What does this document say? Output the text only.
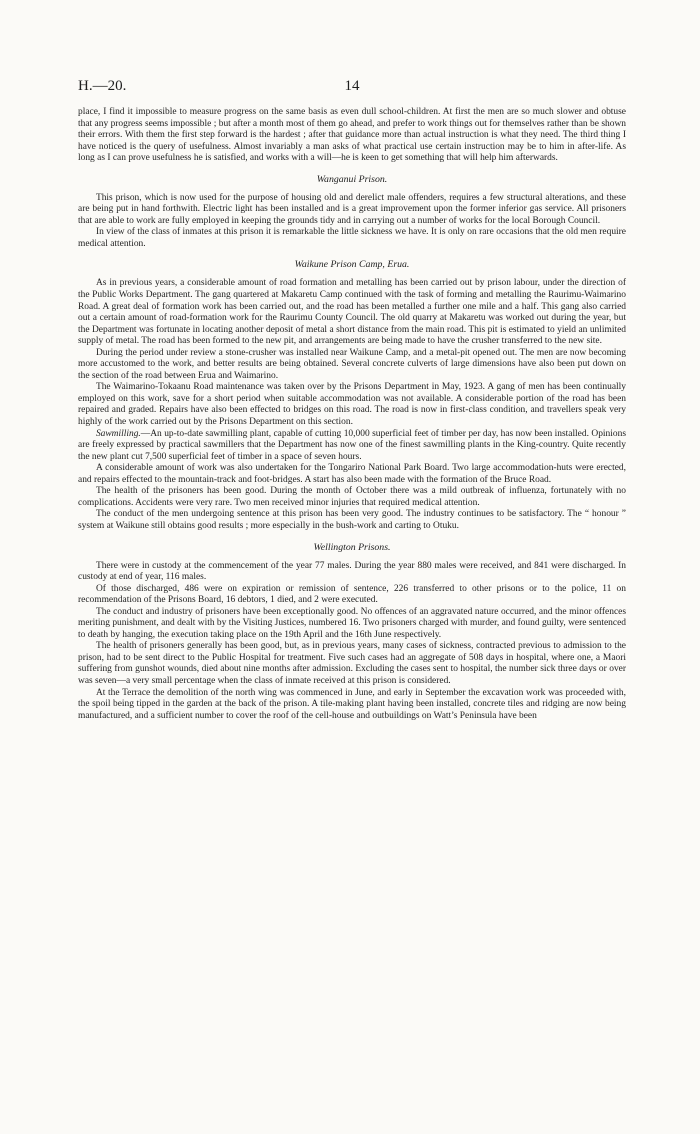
H.—20.	14

place, I find it impossible to measure progress on the same basis as even dull school-children. At first the men are so much slower and obtuse that any progress seems impossible ; but after a month most of them go ahead, and prefer to work things out for themselves rather than be shown their errors. With them the first step forward is the hardest ; after that guidance more than actual instruction is what they need. The third thing I have noticed is the query of usefulness. Almost invariably a man asks of what practical use certain instruction may be to him in after-life. As long as I can prove usefulness he is satisfied, and works with a will—he is keen to get something that will help him afterwards.

Wanganui Prison.

This prison, which is now used for the purpose of housing old and derelict male offenders, requires a few structural alterations, and these are being put in hand forthwith. Electric light has been installed and is a great improvement upon the former inferior gas service. All prisoners that are able to work are fully employed in keeping the grounds tidy and in carrying out a number of works for the local Borough Council.

In view of the class of inmates at this prison it is remarkable the little sickness we have. It is only on rare occasions that the old men require medical attention.

Waikune Prison Camp, Erua.

As in previous years, a considerable amount of road formation and metalling has been carried out by prison labour, under the direction of the Public Works Department. The gang quartered at Makaretu Camp continued with the task of forming and metalling the Raurimu-Waimarino Road. A great deal of formation work has been carried out, and the road has been metalled a further one mile and a half. This gang also carried out a certain amount of road-formation work for the Raurimu County Council. The old quarry at Makaretu was worked out during the year, but the Department was fortunate in locating another deposit of metal a short distance from the main road. This pit is estimated to yield an unlimited supply of metal. The road has been formed to the new pit, and arrangements are being made to have the crusher transferred to the new site.

During the period under review a stone-crusher was installed near Waikune Camp, and a metal-pit opened out. The men are now becoming more accustomed to the work, and better results are being obtained. Several concrete culverts of large dimensions have also been put down on the section of the road between Erua and Waimarino.

The Waimarino-Tokaanu Road maintenance was taken over by the Prisons Department in May, 1923. A gang of men has been continually employed on this work, save for a short period when suitable accommodation was not available. A considerable portion of the road has been repaired and graded. Repairs have also been effected to bridges on this road. The road is now in first-class condition, and travellers speak very highly of the work carried out by the Prisons Department on this section.

Sawmilling.—An up-to-date sawmilling plant, capable of cutting 10,000 superficial feet of timber per day, has now been installed. Opinions are freely expressed by practical sawmillers that the Department has now one of the finest sawmilling plants in the King-country. Quite recently the new plant cut 7,500 superficial feet of timber in a space of seven hours.

A considerable amount of work was also undertaken for the Tongariro National Park Board. Two large accommodation-huts were erected, and repairs effected to the mountain-track and foot-bridges. A start has also been made with the formation of the Bruce Road.

The health of the prisoners has been good. During the month of October there was a mild outbreak of influenza, fortunately with no complications. Accidents were very rare. Two men received minor injuries that required medical attention.

The conduct of the men undergoing sentence at this prison has been very good. The industry continues to be satisfactory. The “ honour ” system at Waikune still obtains good results ; more especially in the bush-work and carting to Otuku.

Wellington Prisons.

There were in custody at the commencement of the year 77 males. During the year 880 males were received, and 841 were discharged. In custody at end of year, 116 males.

Of those discharged, 486 were on expiration or remission of sentence, 226 transferred to other prisons or to the police, 11 on recommendation of the Prisons Board, 16 debtors, 1 died, and 2 were executed.

The conduct and industry of prisoners have been exceptionally good. No offences of an aggravated nature occurred, and the minor offences meriting punishment, and dealt with by the Visiting Justices, numbered 16. Two prisoners charged with murder, and found guilty, were sentenced to death by hanging, the execution taking place on the 19th April and the 16th June respectively.

The health of prisoners generally has been good, but, as in previous years, many cases of sickness, contracted previous to admission to the prison, had to be sent direct to the Public Hospital for treatment. Five such cases had an aggregate of 508 days in hospital, where one, a Maori suffering from gunshot wounds, died about nine months after admission. Excluding the cases sent to hospital, the number sick three days or over was seven—a very small percentage when the class of inmate received at this prison is considered.

At the Terrace the demolition of the north wing was commenced in June, and early in September the excavation work was proceeded with, the spoil being tipped in the garden at the back of the prison. A tile-making plant having been installed, concrete tiles and ridging are now being manufactured, and a sufficient number to cover the roof of the cell-house and outbuildings on Watt’s Peninsula have been
